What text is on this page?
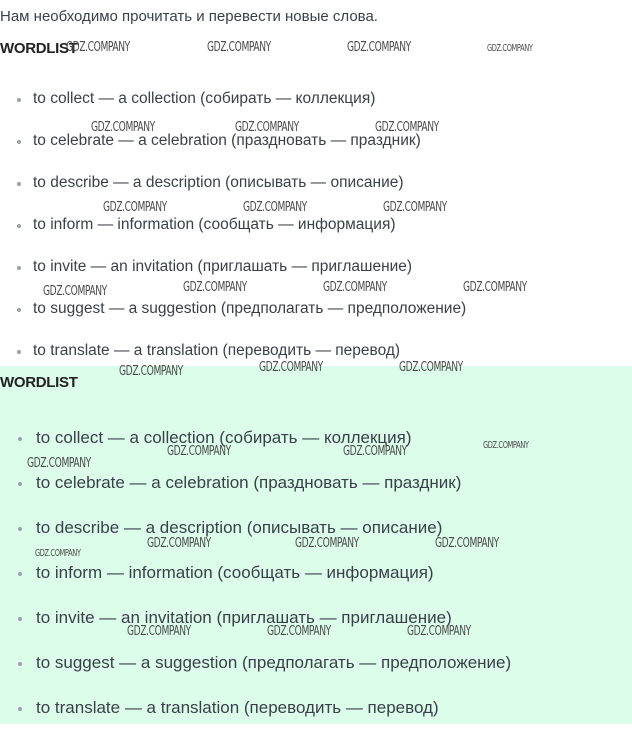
Нам необходимо прочитать и перевести новые слова.

WORDLIST
to collect — a collection (собирать — коллекция)
to celebrate — a celebration (праздновать — праздник)
to describe — a description (описывать — описание)
to inform — information (сообщать — информация)
to invite — an invitation (приглашать — приглашение)
to suggest — a suggestion (предполагать — предположение)
to translate — a translation (переводить — перевод)
WORDLIST
to collect — a collection (собирать — коллекция)
to celebrate — a celebration (праздновать — праздник)
to describe — a description (описывать — описание)
to inform — information (сообщать — информация)
to invite — an invitation (приглашать — приглашение)
to suggest — a suggestion (предполагать — предположение)
to translate — a translation (переводить — перевод)
GDZ.COMPANY	GDZ.COMPANY	GDZ.COMPANY	GDZ.COMPANY
GDZ.COMPANY	GDZ.COMPANY	GDZ.COMPANY
GDZ.COMPANY	GDZ.COMPANY	GDZ.COMPANY
GDZ.COMPANY	GDZ.COMPANY	GDZ.COMPANY	GDZ.COMPANY
GDZ.COMPANY	GDZ.COMPANY	GDZ.COMPANY
GDZ.COMPANY	GDZ.COMPANY	GDZ.COMPANY
GDZ.COMPANY
GDZ.COMPANY
GDZ.COMPANY	GDZ.COMPANY	GDZ.COMPANY
GDZ.COMPANY	GDZ.COMPANY	GDZ.COMPANY
